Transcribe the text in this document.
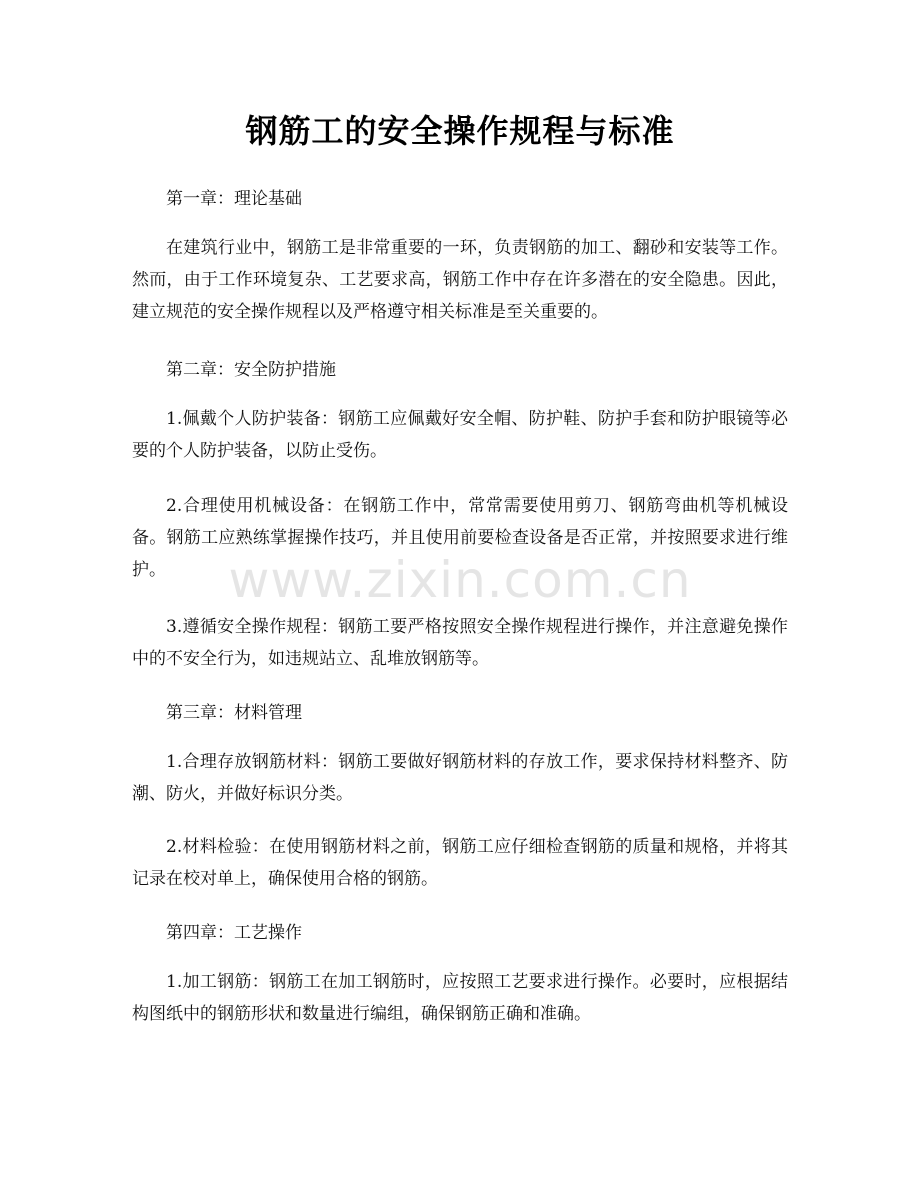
钢筋工的安全操作规程与标准

第一章：理论基础

在建筑行业中，钢筋工是非常重要的一环，负责钢筋的加工、翻砂和安装等工作。然而，由于工作环境复杂、工艺要求高，钢筋工作中存在许多潜在的安全隐患。因此，建立规范的安全操作规程以及严格遵守相关标准是至关重要的。

第二章：安全防护措施

1.佩戴个人防护装备：钢筋工应佩戴好安全帽、防护鞋、防护手套和防护眼镜等必要的个人防护装备，以防止受伤。

2.合理使用机械设备：在钢筋工作中，常常需要使用剪刀、钢筋弯曲机等机械设备。钢筋工应熟练掌握操作技巧，并且使用前要检查设备是否正常，并按照要求进行维护。

3.遵循安全操作规程：钢筋工要严格按照安全操作规程进行操作，并注意避免操作中的不安全行为，如违规站立、乱堆放钢筋等。

第三章：材料管理

1.合理存放钢筋材料：钢筋工要做好钢筋材料的存放工作，要求保持材料整齐、防潮、防火，并做好标识分类。

2.材料检验：在使用钢筋材料之前，钢筋工应仔细检查钢筋的质量和规格，并将其记录在校对单上，确保使用合格的钢筋。

第四章：工艺操作

1.加工钢筋：钢筋工在加工钢筋时，应按照工艺要求进行操作。必要时，应根据结构图纸中的钢筋形状和数量进行编组，确保钢筋正确和准确。

www.zixin.com.cn
